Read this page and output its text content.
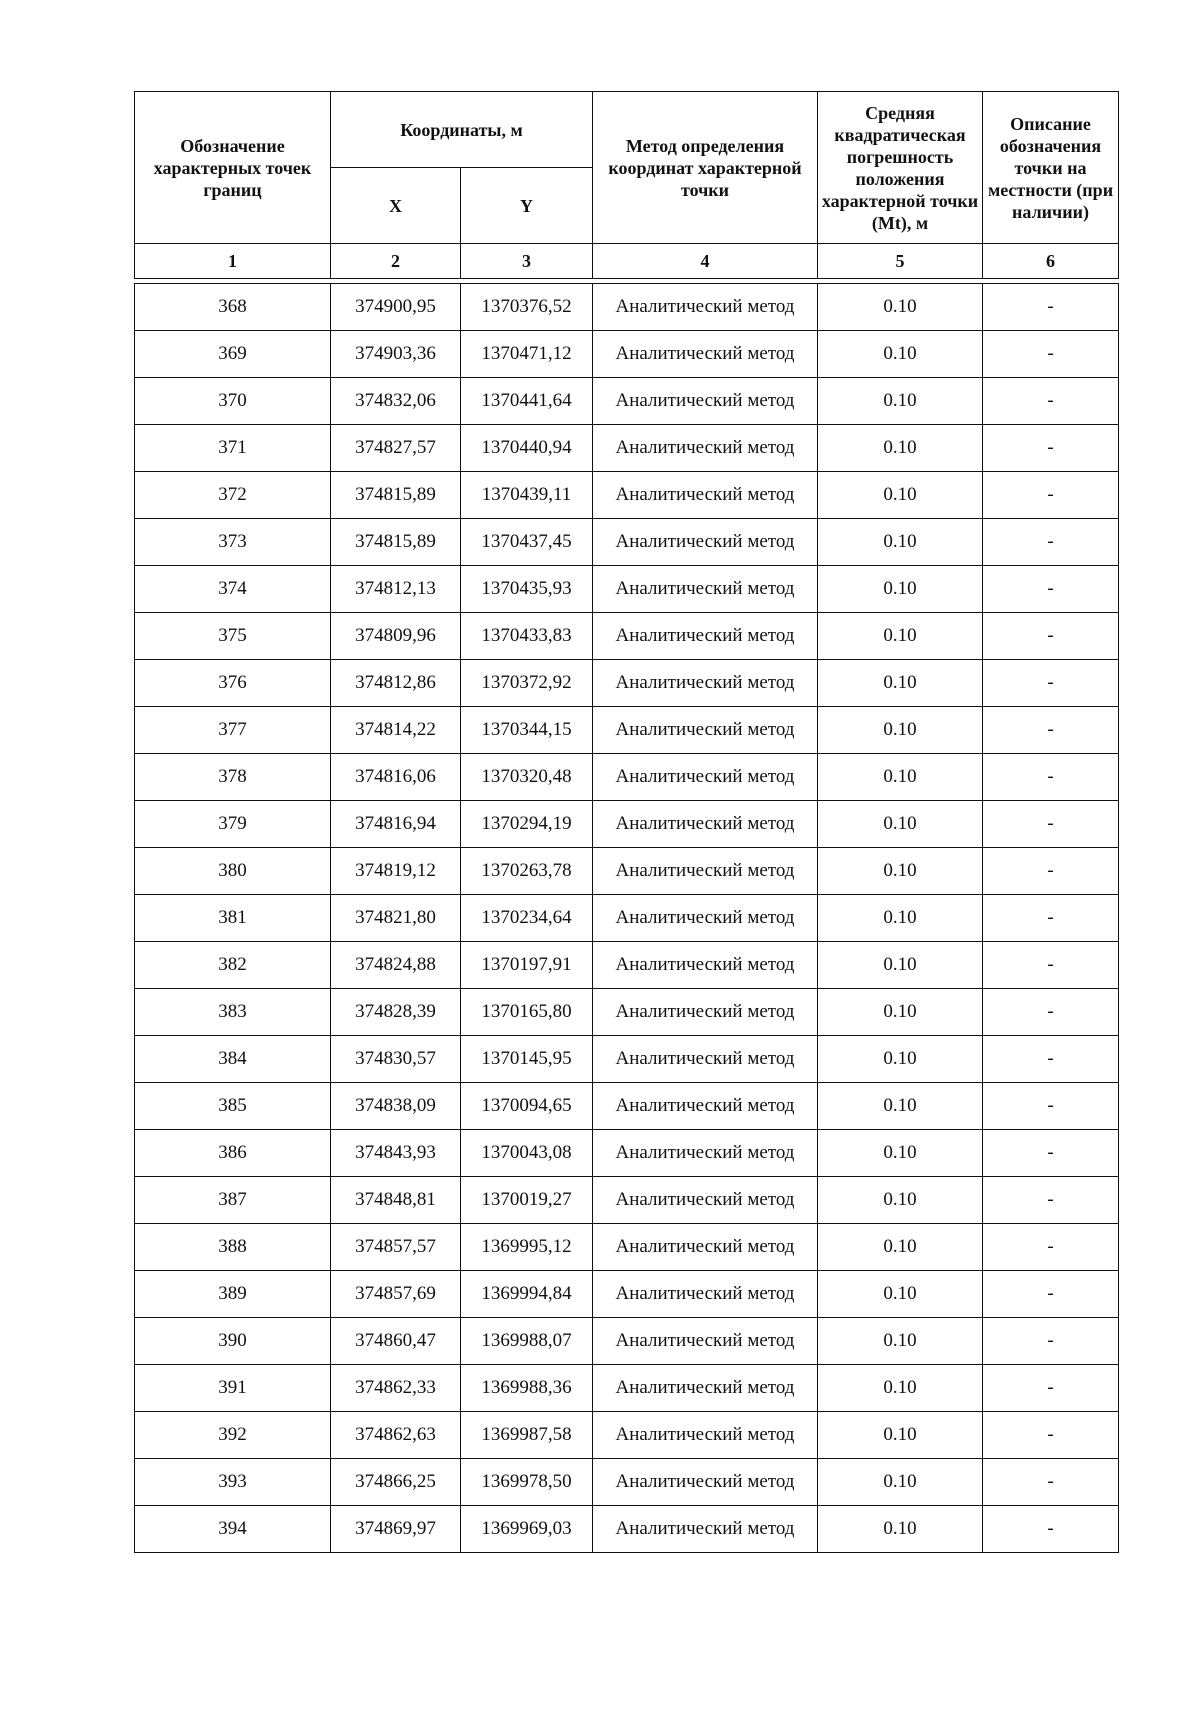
Обозначение характерных точек границ	Координаты, м		Метод определения координат характерной точки	Средняя квадратическая погрешность положения характерной точки (Mt), м	Описание обозначения точки на местности (при наличии)
	X	Y			
1	2	3	4	5	6

368	374900,95	1370376,52	Аналитический метод	0.10	-
369	374903,36	1370471,12	Аналитический метод	0.10	-
370	374832,06	1370441,64	Аналитический метод	0.10	-
371	374827,57	1370440,94	Аналитический метод	0.10	-
372	374815,89	1370439,11	Аналитический метод	0.10	-
373	374815,89	1370437,45	Аналитический метод	0.10	-
374	374812,13	1370435,93	Аналитический метод	0.10	-
375	374809,96	1370433,83	Аналитический метод	0.10	-
376	374812,86	1370372,92	Аналитический метод	0.10	-
377	374814,22	1370344,15	Аналитический метод	0.10	-
378	374816,06	1370320,48	Аналитический метод	0.10	-
379	374816,94	1370294,19	Аналитический метод	0.10	-
380	374819,12	1370263,78	Аналитический метод	0.10	-
381	374821,80	1370234,64	Аналитический метод	0.10	-
382	374824,88	1370197,91	Аналитический метод	0.10	-
383	374828,39	1370165,80	Аналитический метод	0.10	-
384	374830,57	1370145,95	Аналитический метод	0.10	-
385	374838,09	1370094,65	Аналитический метод	0.10	-
386	374843,93	1370043,08	Аналитический метод	0.10	-
387	374848,81	1370019,27	Аналитический метод	0.10	-
388	374857,57	1369995,12	Аналитический метод	0.10	-
389	374857,69	1369994,84	Аналитический метод	0.10	-
390	374860,47	1369988,07	Аналитический метод	0.10	-
391	374862,33	1369988,36	Аналитический метод	0.10	-
392	374862,63	1369987,58	Аналитический метод	0.10	-
393	374866,25	1369978,50	Аналитический метод	0.10	-
394	374869,97	1369969,03	Аналитический метод	0.10	-
